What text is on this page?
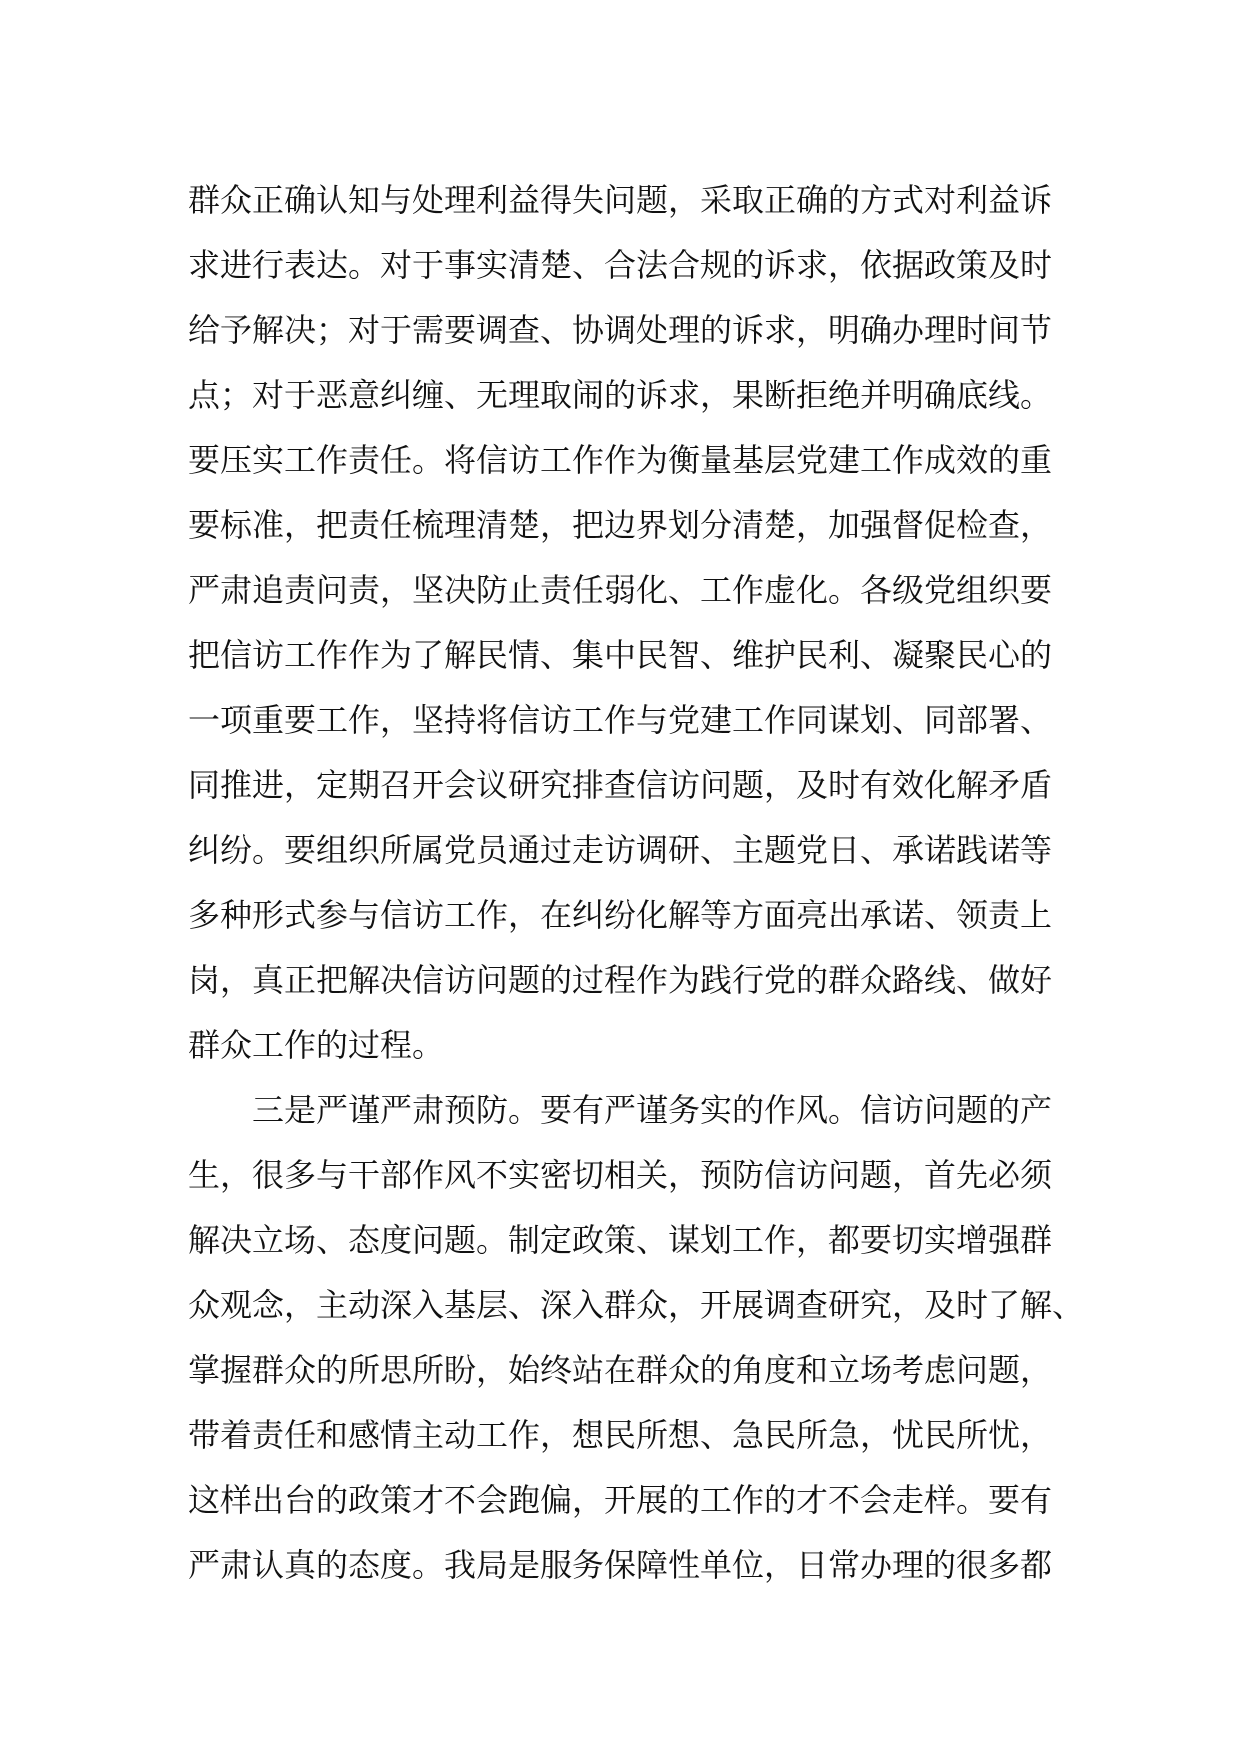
群众正确认知与处理利益得失问题，采取正确的方式对利益诉
求进行表达。对于事实清楚、合法合规的诉求，依据政策及时
给予解决；对于需要调查、协调处理的诉求，明确办理时间节
点；对于恶意纠缠、无理取闹的诉求，果断拒绝并明确底线。
要压实工作责任。将信访工作作为衡量基层党建工作成效的重
要标准，把责任梳理清楚，把边界划分清楚，加强督促检查，
严肃追责问责，坚决防止责任弱化、工作虚化。各级党组织要
把信访工作作为了解民情、集中民智、维护民利、凝聚民心的
一项重要工作，坚持将信访工作与党建工作同谋划、同部署、
同推进，定期召开会议研究排查信访问题，及时有效化解矛盾
纠纷。要组织所属党员通过走访调研、主题党日、承诺践诺等
多种形式参与信访工作，在纠纷化解等方面亮出承诺、领责上
岗，真正把解决信访问题的过程作为践行党的群众路线、做好
群众工作的过程。
三是严谨严肃预防。要有严谨务实的作风。信访问题的产
生，很多与干部作风不实密切相关，预防信访问题，首先必须
解决立场、态度问题。制定政策、谋划工作，都要切实增强群
众观念，主动深入基层、深入群众，开展调查研究，及时了解、
掌握群众的所思所盼，始终站在群众的角度和立场考虑问题，
带着责任和感情主动工作，想民所想、急民所急，忧民所忧，
这样出台的政策才不会跑偏，开展的工作的才不会走样。要有
严肃认真的态度。我局是服务保障性单位，日常办理的很多都
